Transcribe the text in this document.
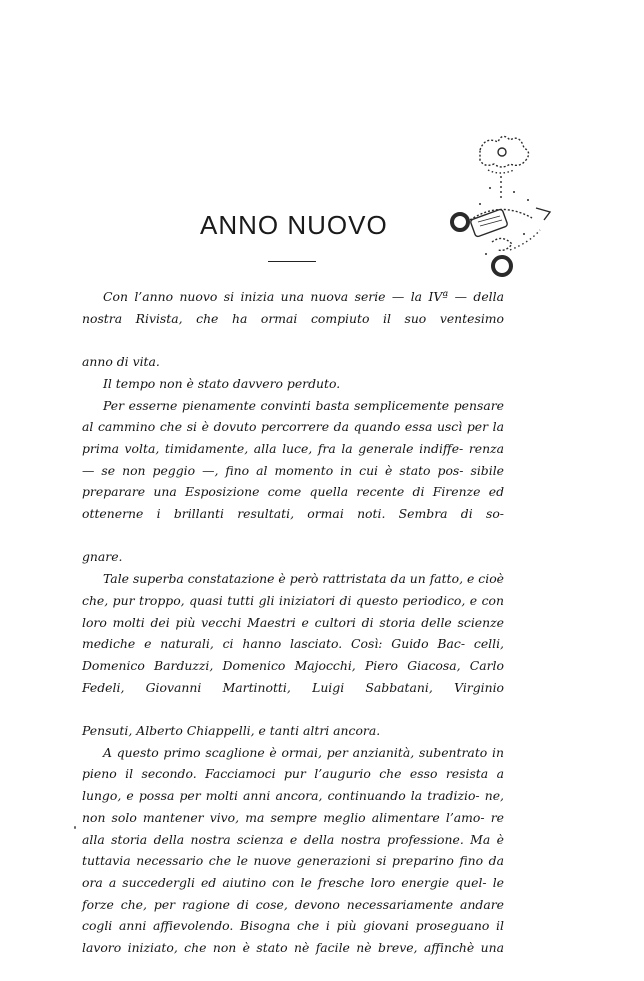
ANNO NUOVO

Con l’anno nuovo si inizia una nuova serie — la IVª — della nostra Rivista, che ha ormai compiuto il suo ventesimo

anno di vita.

Il tempo non è stato davvero perduto.

Per esserne pienamente convinti basta semplicemente pensare al cammino che si è dovuto percorrere da quando essa uscì per la prima volta, timidamente, alla luce, fra la generale indiffe- renza — se non peggio —, fino al momento in cui è stato pos- sibile preparare una Esposizione come quella recente di Firenze ed ottenerne i brillanti resultati, ormai noti. Sembra di so-

gnare.

Tale superba constatazione è però rattristata da un fatto, e cioè che, pur troppo, quasi tutti gli iniziatori di questo periodico, e con loro molti dei più vecchi Maestri e cultori di storia delle scienze mediche e naturali, ci hanno lasciato. Così: Guido Bac- celli, Domenico Barduzzi, Domenico Majocchi, Piero Giacosa, Carlo Fedeli, Giovanni Martinotti, Luigi Sabbatani, Virginio

Pensuti, Alberto Chiappelli, e tanti altri ancora.

A questo primo scaglione è ormai, per anzianità, subentrato in pieno il secondo. Facciamoci pur l’augurio che esso resista a lungo, e possa per molti anni ancora, continuando la tradizio- ne, non solo mantener vivo, ma sempre meglio alimentare l’amo- re alla storia della nostra scienza e della nostra professione. Ma è tuttavia necessario che le nuove generazioni si preparino fino da ora a succedergli ed aiutino con le fresche loro energie quel- le forze che, per ragione di cose, devono necessariamente andare cogli anni affievolendo. Bisogna che i più giovani proseguano il lavoro iniziato, che non è stato nè facile nè breve, affinchè una
